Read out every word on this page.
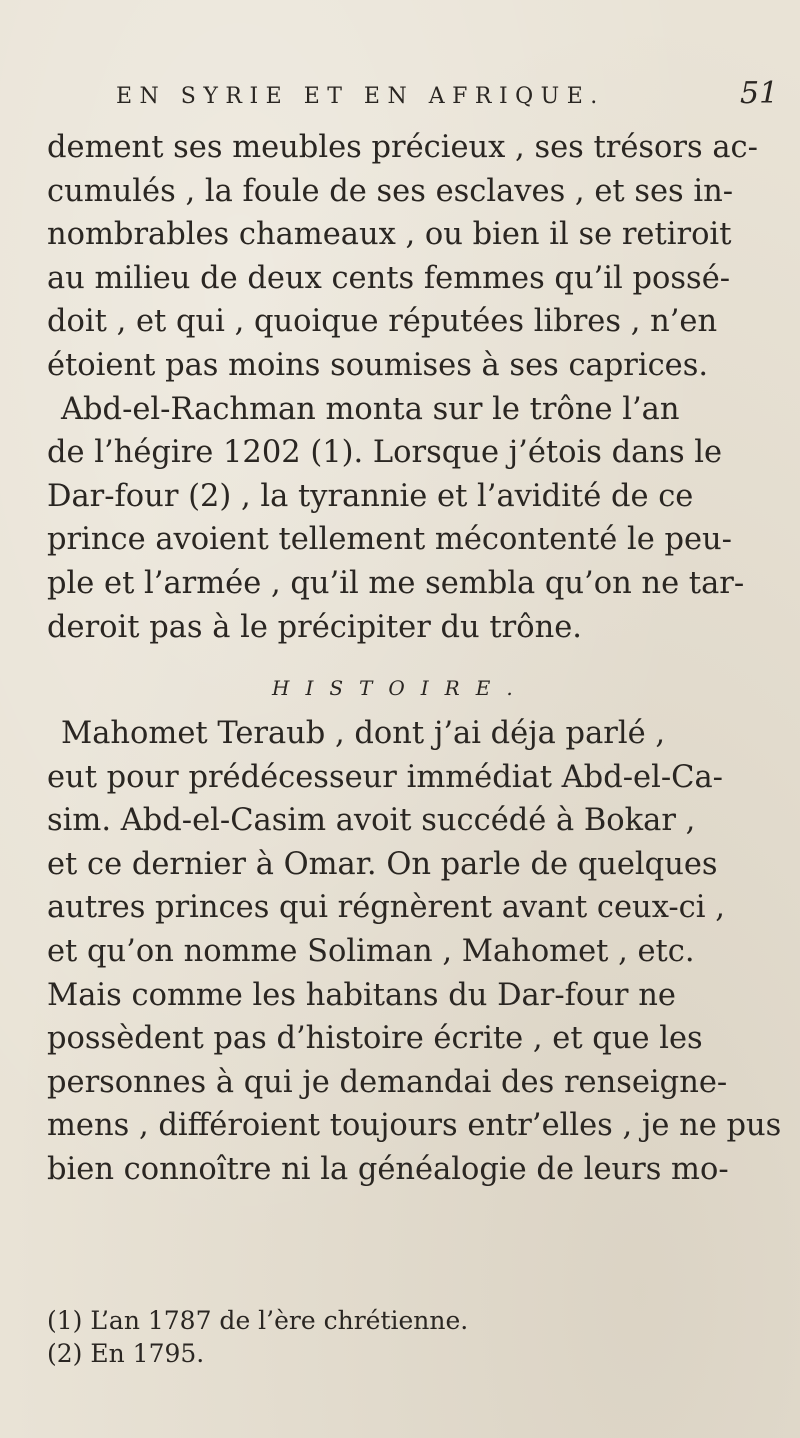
EN SYRIE ET EN AFRIQUE.	51
dement ses meubles précieux , ses trésors ac-
cumulés , la foule de ses esclaves , et ses in-
nombrables chameaux , ou bien il se retiroit
au milieu de deux cents femmes qu’il possé-
doit , et qui , quoique réputées libres , n’en
étoient pas moins soumises à ses caprices.
Abd-el-Rachman monta sur le trône l’an
de l’hégire 1202 (1). Lorsque j’étois dans le
Dar-four (2) , la tyrannie et l’avidité de ce
prince avoient tellement mécontenté le peu-
ple et l’armée , qu’il me sembla qu’on ne tar-
deroit pas à le précipiter du trône.
HISTOIRE.
Mahomet Teraub , dont j’ai déja parlé ,
eut pour prédécesseur immédiat Abd-el-Ca-
sim. Abd-el-Casim avoit succédé à Bokar ,
et ce dernier à Omar. On parle de quelques
autres princes qui régnèrent avant ceux-ci ,
et qu’on nomme Soliman , Mahomet , etc.
Mais comme les habitans du Dar-four ne
possèdent pas d’histoire écrite , et que les
personnes à qui je demandai des renseigne-
mens , différoient toujours entr’elles , je ne pus
bien connoître ni la généalogie de leurs mo-
(1) L’an 1787 de l’ère chrétienne.
(2) En 1795.
